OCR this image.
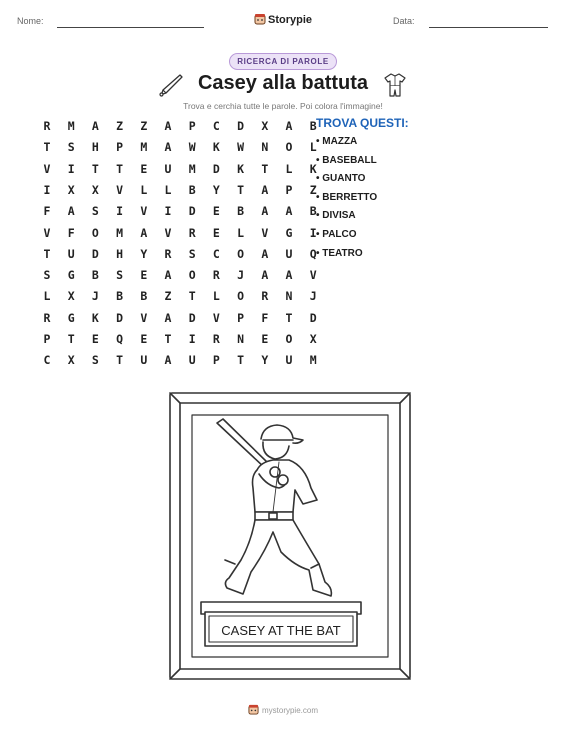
Nome:	Storypie	Data:
RICERCA DI PAROLE
Casey alla battuta
Trova e cerchia tutte le parole. Poi colora l'immagine!
R	M	A	Z	Z	A	P	C	D	X	A	B
T	S	H	P	M	A	W	K	W	N	O	L
V	I	T	T	E	U	M	D	K	T	L	K
I	X	X	V	L	L	B	Y	T	A	P	Z
F	A	S	I	V	I	D	E	B	A	A	B
V	F	O	M	A	V	R	E	L	V	G	I
T	U	D	H	Y	R	S	C	O	A	U	Q
S	G	B	S	E	A	O	R	J	A	A	V
L	X	J	B	B	Z	T	L	O	R	N	J
R	G	K	D	V	A	D	V	P	F	T	D
P	T	E	Q	E	T	I	R	N	E	O	X
C	X	S	T	U	A	U	P	T	Y	U	M
TROVA QUESTI:
• MAZZA
• BASEBALL
• GUANTO
• BERRETTO
• DIVISA
• PALCO
• TEATRO
CASEY AT THE BAT
mystorypie.com
